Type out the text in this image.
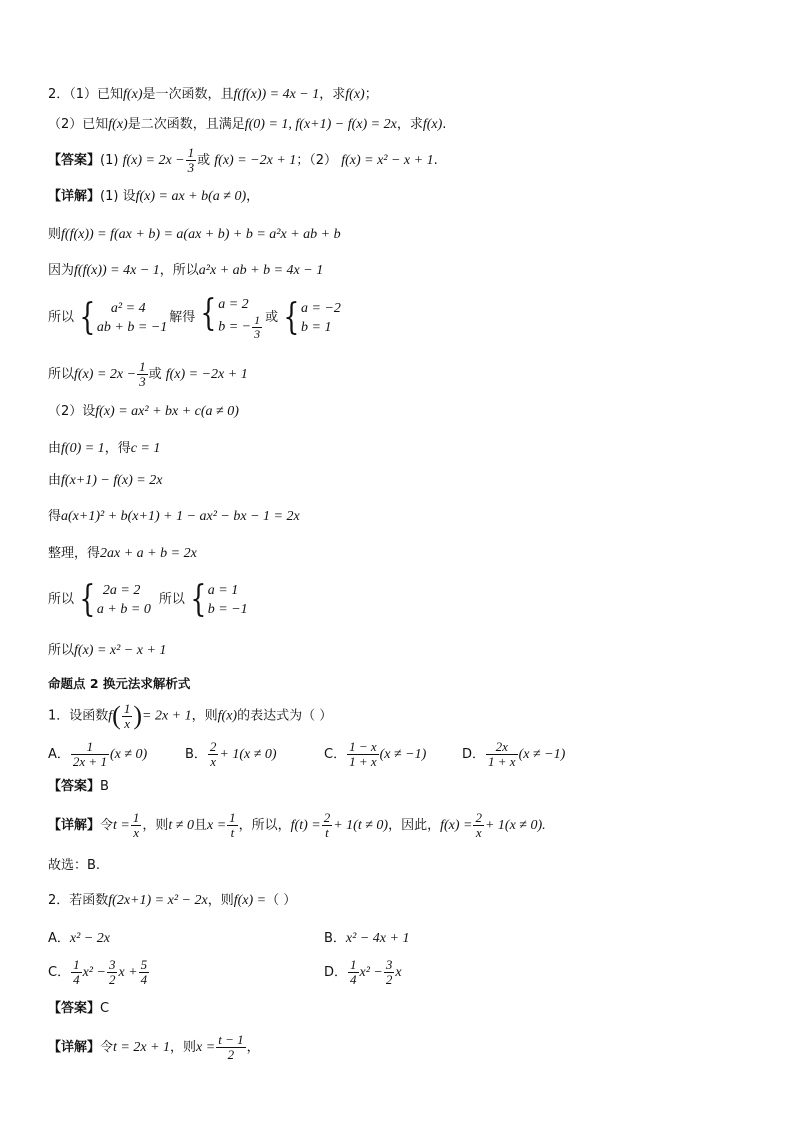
2．（1）已知f(x)是一次函数，且f(f(x)) = 4x − 1，求f(x)；
（2）已知f(x)是二次函数，且满足f(0) = 1, f(x+1) − f(x) = 2x，求f(x).
【答案】(1) $f(x) = 2x - \frac{1}{3}$ 或 f(x) = −2x + 1；（2） f(x) = x² − x + 1.
【详解】(1) 设f(x) = ax + b(a ≠ 0)，
则f(f(x)) = f(ax + b) = a(ax + b) + b = a²x + ab + b
因为f(f(x)) = 4x − 1，所以a²x + ab + b = 4x − 1
所以 {	a² = 4
ab + b = −1
解得 { a = 2
b = − $\frac{1}{3}$ 或 { a = −2
b = 1
所以$f(x) = 2x - \frac{1}{3}$ 或 f(x) = −2x + 1
（2）设f(x) = ax² + bx + c(a ≠ 0)
由f(0) = 1，得c = 1
由f(x+1) − f(x) = 2x
得a(x+1)² + b(x+1) + 1 − ax² − bx − 1 = 2x
整理，得2ax + a + b = 2x
所以 { 2a = 2
a + b = 0
所以 { a = 1
b = −1
所以f(x) = x² − x + 1
命题点 2 换元法求解析式
1．设函数$f( \frac{1}{x}$ )= 2x + 1，则f(x)的表达式为（ ）
A． $\frac{1}{2x + 1} (x \ne 0)$	B． $\frac{2}{x} + 1(x \ne 0)$	C． $\frac{1 - x}{1 + x} (x \ne -1)$	D． $\frac{2x}{1 + x} (x \ne -1)$
【答案】B
【详解】令$t = \frac{1}{x}$ ，则t ≠ 0且$x = \frac{1}{t}$ ，所以，$f(t) = \frac{2}{t} + 1(t \ne 0)$，因此，$f(x) = \frac{2}{x} + 1(x \ne 0)$.
故选：B.
2．若函数f(2x+1) = x² − 2x，则f(x) =（ ）
A．x² − 2x	B．x² − 4x + 1
C． $\frac{1}{4} x^2 - \frac{3}{2}$ $x + \frac{5}{4}$	D． $\frac{1}{4} x^2 - \frac{3}{2}$ x
【答案】C
【详解】令t = 2x + 1，则$x = \frac{t - 1}{2}$ ，
